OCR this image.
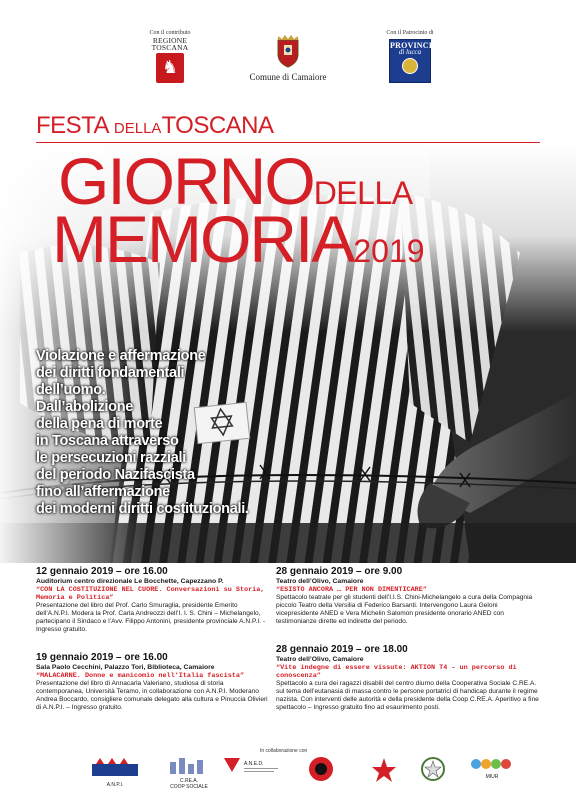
Con il contributo
REGIONE
TOSCANA
♞
Comune di Camaiore
Con il Patrocinio di
PROVINCIA
di lucca
FESTA DELLATOSCANA
GIORNODELLA
MEMORIA2019
Violazione e affermazione
dei diritti fondamentali
dell’uomo.
Dall’abolizione
della pena di morte
in Toscana attraverso
le persecuzioni razziali
del periodo Nazifascista
fino all’affermazione
dei moderni diritti costituzionali.
12 gennaio 2019 – ore 16.00
Auditorium centro direzionale Le Bocchette, Capezzano P.
“CON LA COSTITUZIONE NEL CUORE. Conversazioni su Storia, Memoria e Politica”
Presentazione del libro del Prof. Carlo Smuraglia, presidente Emerito dell’A.N.P.I. Modera la Prof. Carla Andreozzi dell’I. I. S. Chini – Michelangelo, partecipano il Sindaco e l’Avv. Filippo Antonini, presidente provinciale A.N.P.I. - Ingresso gratuito.
19 gennaio 2019 – ore 16.00
Sala Paolo Cecchini, Palazzo Tori, Biblioteca, Camaiore
“MALACARNE. Donne e manicomio nell’Italia fascista”
Presentazione del libro di Annacarla Valeriano, studiosa di storia contemporanea, Università Teramo, in collaborazione con A.N.P.I. Moderano Andrea Boccardo, consigliere comunale delegato alla cultura e Pinuccia Olivieri di A.N.P.I. – Ingresso gratuito.
28 gennaio 2019 – ore 9.00
Teatro dell’Olivo, Camaiore
“ESISTO ANCORA … PER NON DIMENTICARE”
Spettacolo teatrale per gli studenti dell’I.I.S. Chini-Michelangelo a cura della Compagnia piccolo Teatro della Versilia di Federico Barsanti. Intervengono Laura Geloni vicepresidente ANED e Vera Michelin Salomon presidente onorario ANED con testimonianze dirette ed indirette del periodo.
28 gennaio 2019 – ore 18.00
Teatro dell’Olivo, Camaiore
“Vite indegne di essere vissute: AKTION T4 – un percorso di conoscenza”
Spettacolo a cura dei ragazzi disabili del centro diurno della Cooperativa Sociale C.RE.A. sul tema dell’eutanasia di massa contro le persone portatrici di handicap durante il regime nazista. Con interventi delle autorità e della presidente della Coop C.RE.A. Aperitivo a fine spettacolo – Ingresso gratuito fino ad esaurimento posti.
In collaborazione con
A.N.P.I.
C.RE.A.
COOP SOCIALE
A.N.E.D.
MIUR
